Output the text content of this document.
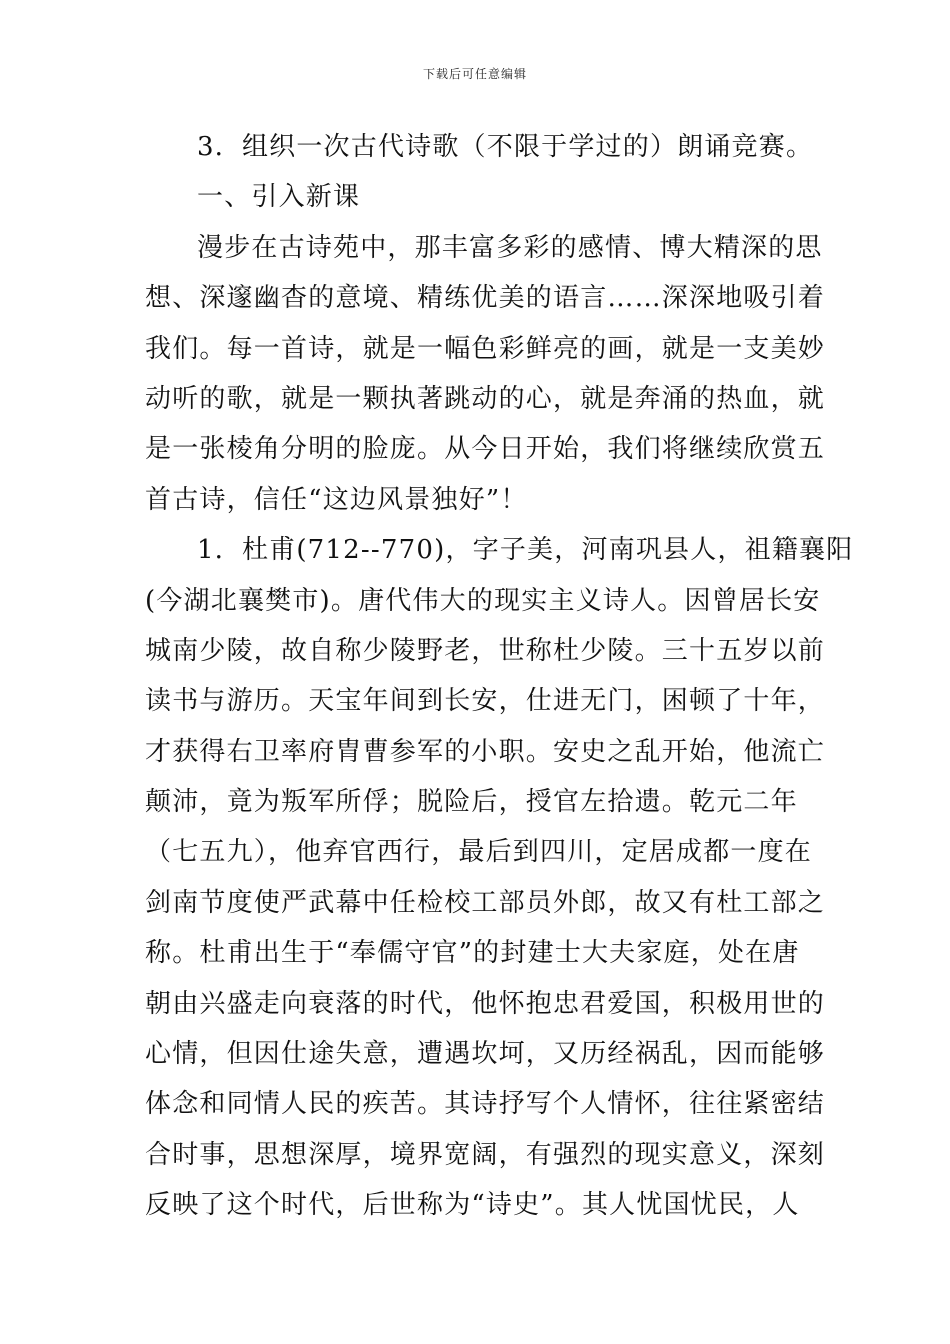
下载后可任意编辑
3．组织一次古代诗歌（不限于学过的）朗诵竞赛。
一、引入新课
漫步在古诗苑中，那丰富多彩的感情、博大精深的思
想、深邃幽杳的意境、精练优美的语言……深深地吸引着
我们。每一首诗，就是一幅色彩鲜亮的画，就是一支美妙
动听的歌，就是一颗执著跳动的心，就是奔涌的热血，就
是一张棱角分明的脸庞。从今日开始，我们将继续欣赏五
首古诗，信任“这边风景独好”！
1．杜甫(712--770)，字子美，河南巩县人，祖籍襄阳
(今湖北襄樊市)。唐代伟大的现实主义诗人。因曾居长安
城南少陵，故自称少陵野老，世称杜少陵。三十五岁以前
读书与游历。天宝年间到长安，仕进无门，困顿了十年，
才获得右卫率府胄曹参军的小职。安史之乱开始，他流亡
颠沛，竟为叛军所俘；脱险后，授官左拾遗。乾元二年
（七五九），他弃官西行，最后到四川，定居成都一度在
剑南节度使严武幕中任检校工部员外郎，故又有杜工部之
称。杜甫出生于“奉儒守官”的封建士大夫家庭，处在唐
朝由兴盛走向衰落的时代，他怀抱忠君爱国，积极用世的
心情，但因仕途失意，遭遇坎坷，又历经祸乱，因而能够
体念和同情人民的疾苦。其诗抒写个人情怀，往往紧密结
合时事，思想深厚，境界宽阔，有强烈的现实意义，深刻
反映了这个时代，后世称为“诗史”。其人忧国忧民，人
